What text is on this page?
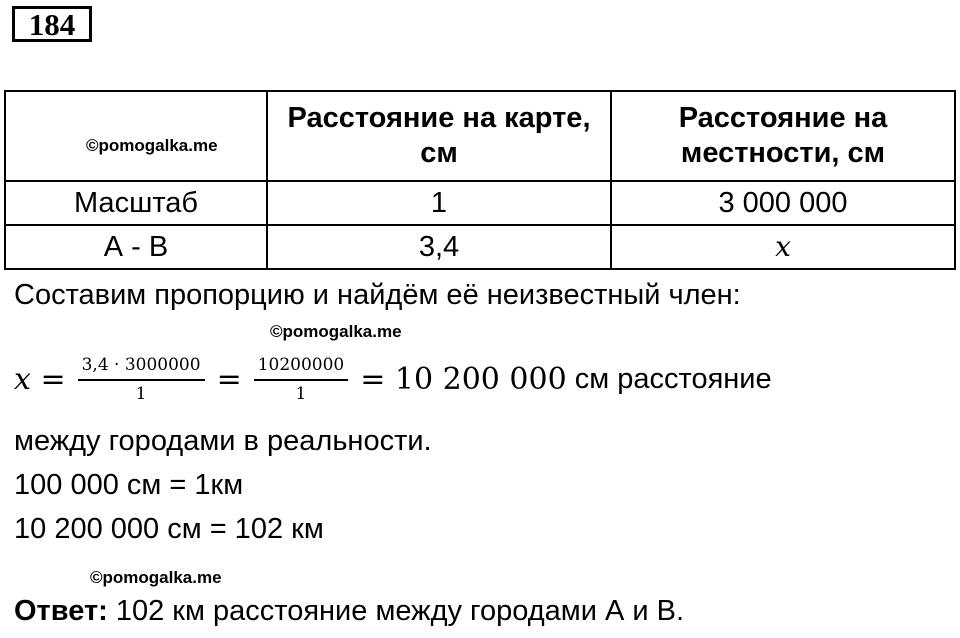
184
©pomogalka.me	Расстояние на карте, см	Расстояние на местности, см
Масштаб	1	3 000 000
А - В	3,4	x
Составим пропорцию и найдём её неизвестный член:
©pomogalka.me
$x = \frac{3,4 \cdot 3000000}{1} = \frac{10200000}{1} = 10$ 200 000 см расстояние
между городами в реальности.
100 000 см = 1км
10 200 000 см = 102 км
©pomogalka.me
Ответ: 102 км расстояние между городами А и В.
